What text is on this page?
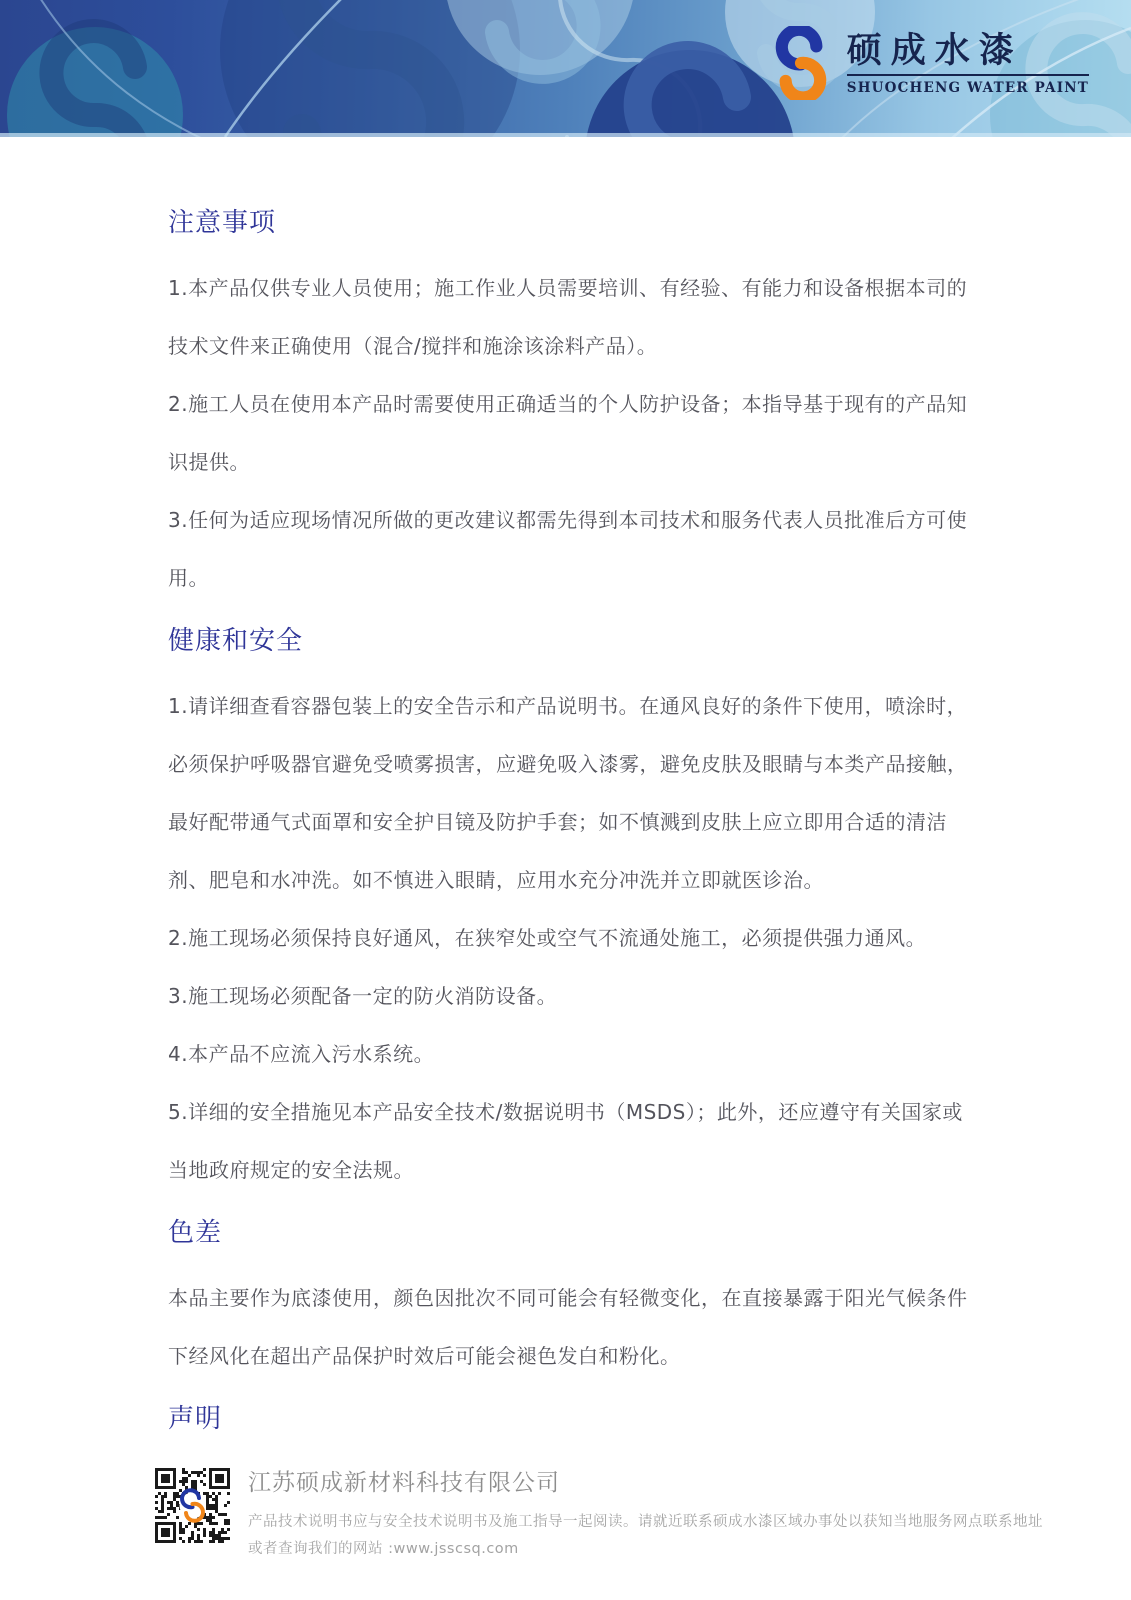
硕成水漆
SHUOCHENG WATER PAINT
注意事项

1.本产品仅供专业人员使用；施工作业人员需要培训、有经验、有能力和设备根据本司的技术文件来正确使用（混合/搅拌和施涂该涂料产品）。

2.施工人员在使用本产品时需要使用正确适当的个人防护设备；本指导基于现有的产品知识提供。

3.任何为适应现场情况所做的更改建议都需先得到本司技术和服务代表人员批准后方可使用。

健康和安全

1.请详细查看容器包装上的安全告示和产品说明书。在通风良好的条件下使用，喷涂时，必须保护呼吸器官避免受喷雾损害，应避免吸入漆雾，避免皮肤及眼睛与本类产品接触，最好配带通气式面罩和安全护目镜及防护手套；如不慎溅到皮肤上应立即用合适的清洁剂、肥皂和水冲洗。如不慎进入眼睛，应用水充分冲洗并立即就医诊治。

2.施工现场必须保持良好通风，在狭窄处或空气不流通处施工，必须提供强力通风。

3.施工现场必须配备一定的防火消防设备。

4.本产品不应流入污水系统。

5.详细的安全措施见本产品安全技术/数据说明书（MSDS）；此外，还应遵守有关国家或当地政府规定的安全法规。

色差

本品主要作为底漆使用，颜色因批次不同可能会有轻微变化，在直接暴露于阳光气候条件下经风化在超出产品保护时效后可能会褪色发白和粉化。

声明
江苏硕成新材料科技有限公司
产品技术说明书应与安全技术说明书及施工指导一起阅读。请就近联系硕成水漆区域办事处以获知当地服务网点联系地址
或者查询我们的网站 :www.jsscsq.com
